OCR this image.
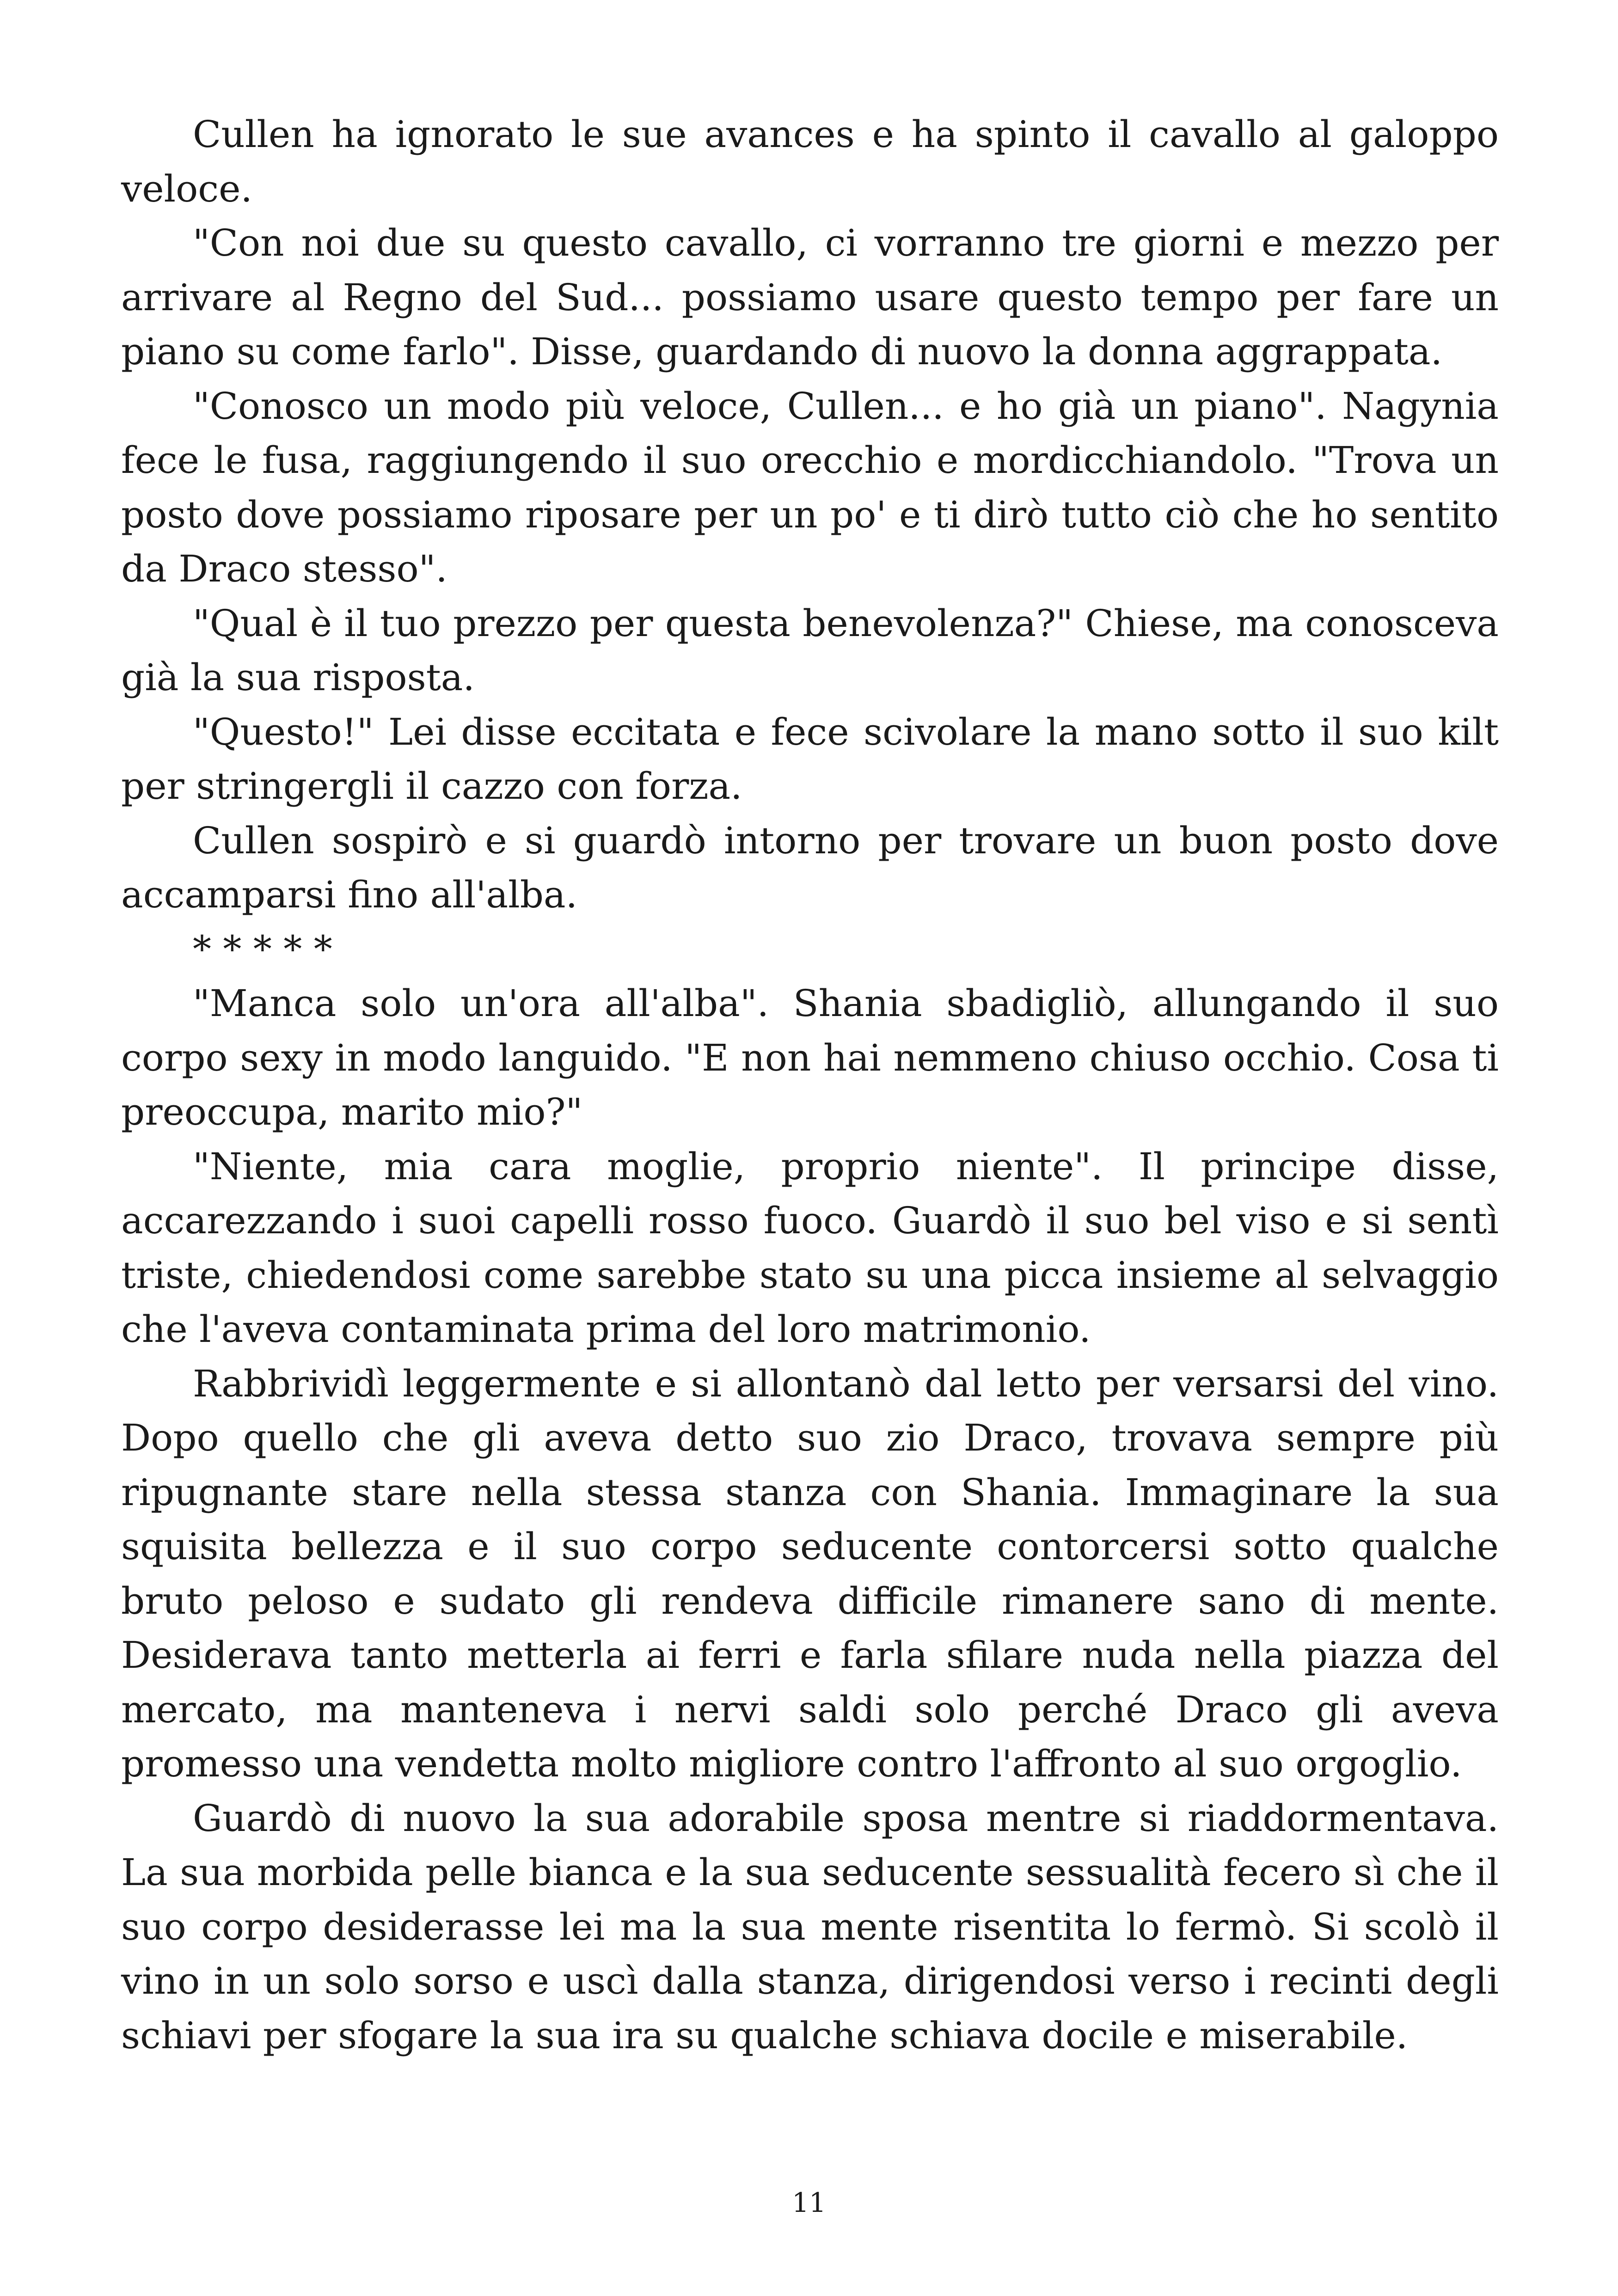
Cullen ha ignorato le sue avances e ha spinto il cavallo al galoppo veloce.

"Con noi due su questo cavallo, ci vorranno tre giorni e mezzo per arrivare al Regno del Sud... possiamo usare questo tempo per fare un piano su come farlo". Disse, guardando di nuovo la donna aggrappata.

"Conosco un modo più veloce, Cullen... e ho già un piano". Nagynia fece le fusa, raggiungendo il suo orecchio e mordicchiandolo. "Trova un posto dove possiamo riposare per un po' e ti dirò tutto ciò che ho sentito da Draco stesso".

"Qual è il tuo prezzo per questa benevolenza?" Chiese, ma conosceva già la sua risposta.

"Questo!" Lei disse eccitata e fece scivolare la mano sotto il suo kilt per stringergli il cazzo con forza.

Cullen sospirò e si guardò intorno per trovare un buon posto dove accamparsi fino all'alba.

* * * * *

"Manca solo un'ora all'alba". Shania sbadigliò, allungando il suo corpo sexy in modo languido. "E non hai nemmeno chiuso occhio. Cosa ti preoccupa, marito mio?"

"Niente, mia cara moglie, proprio niente". Il principe disse, accarezzando i suoi capelli rosso fuoco. Guardò il suo bel viso e si sentì triste, chiedendosi come sarebbe stato su una picca insieme al selvaggio che l'aveva contaminata prima del loro matrimonio.

Rabbrividì leggermente e si allontanò dal letto per versarsi del vino. Dopo quello che gli aveva detto suo zio Draco, trovava sempre più ripugnante stare nella stessa stanza con Shania. Immaginare la sua squisita bellezza e il suo corpo seducente contorcersi sotto qualche bruto peloso e sudato gli rendeva difficile rimanere sano di mente. Desiderava tanto metterla ai ferri e farla sfilare nuda nella piazza del mercato, ma manteneva i nervi saldi solo perché Draco gli aveva promesso una vendetta molto migliore contro l'affronto al suo orgoglio.

Guardò di nuovo la sua adorabile sposa mentre si riaddormentava. La sua morbida pelle bianca e la sua seducente sessualità fecero sì che il suo corpo desiderasse lei ma la sua mente risentita lo fermò. Si scolò il vino in un solo sorso e uscì dalla stanza, dirigendosi verso i recinti degli schiavi per sfogare la sua ira su qualche schiava docile e miserabile.

11
